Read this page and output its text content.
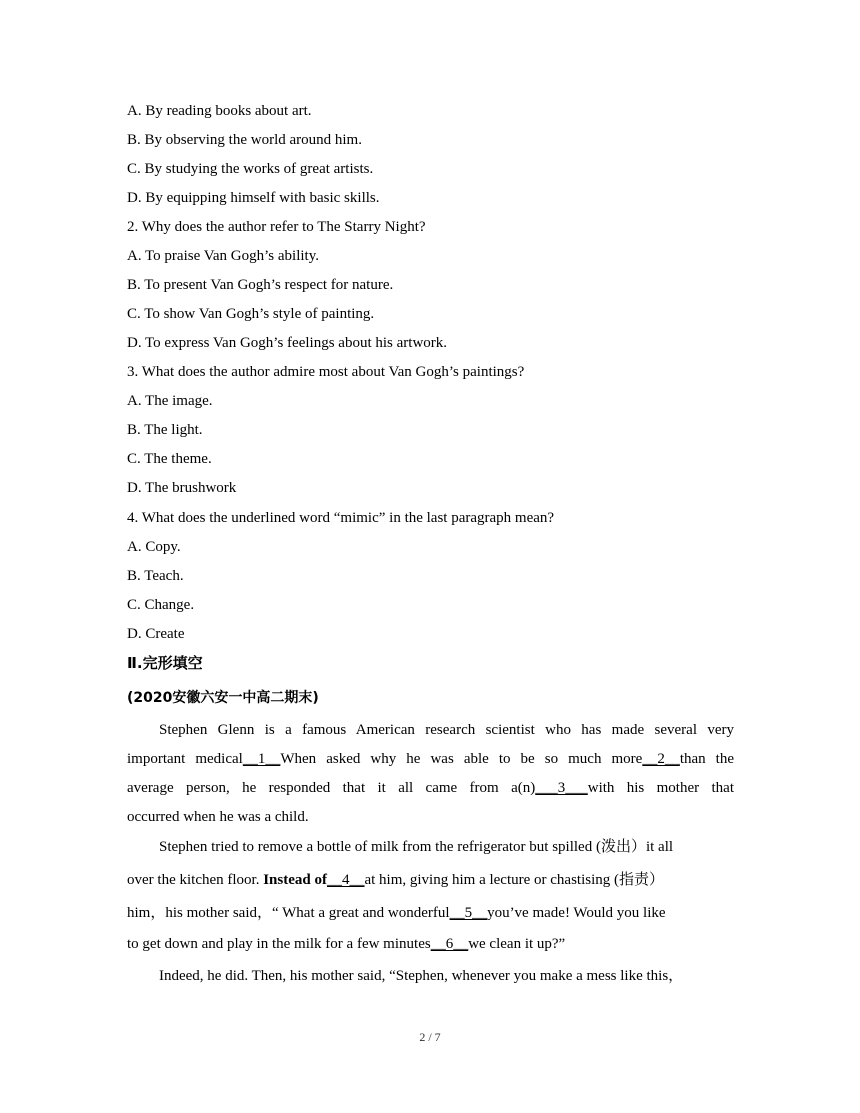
A. By reading books about art.
B. By observing the world around him.
C. By studying the works of great artists.
D. By equipping himself with basic skills.
2. Why does the author refer to The Starry Night?
A. To praise Van Gogh’s ability.
B. To present Van Gogh’s respect for nature.
C. To show Van Gogh’s style of painting.
D. To express Van Gogh’s feelings about his artwork.
3. What does the author admire most about Van Gogh’s paintings?
A. The image.
B. The light.
C. The theme.
D. The brushwork
4. What does the underlined word “mimic” in the last paragraph mean?
A. Copy.
B. Teach.
C. Change.
D. Create
Ⅱ.完形填空
(2020安徽六安一中高二期末)
Stephen Glenn is a famous American research scientist who has made several very
important medical__1__When asked why he was able to be so much more__2__than the
average person, he responded that it all came from a(n)___3___with his mother that
occurred when he was a child.
Stephen tried to remove a bottle of milk from the refrigerator but spilled (泼出）it all
over the kitchen floor. Instead of__4__at him, giving him a lecture or chastising (指责）
him，his mother said，“ What a great and wonderful__5__you’ve made! Would you like
to get down and play in the milk for a few minutes__6__we clean it up?”
Indeed, he did. Then, his mother said, “Stephen, whenever you make a mess like this，
2 / 7
